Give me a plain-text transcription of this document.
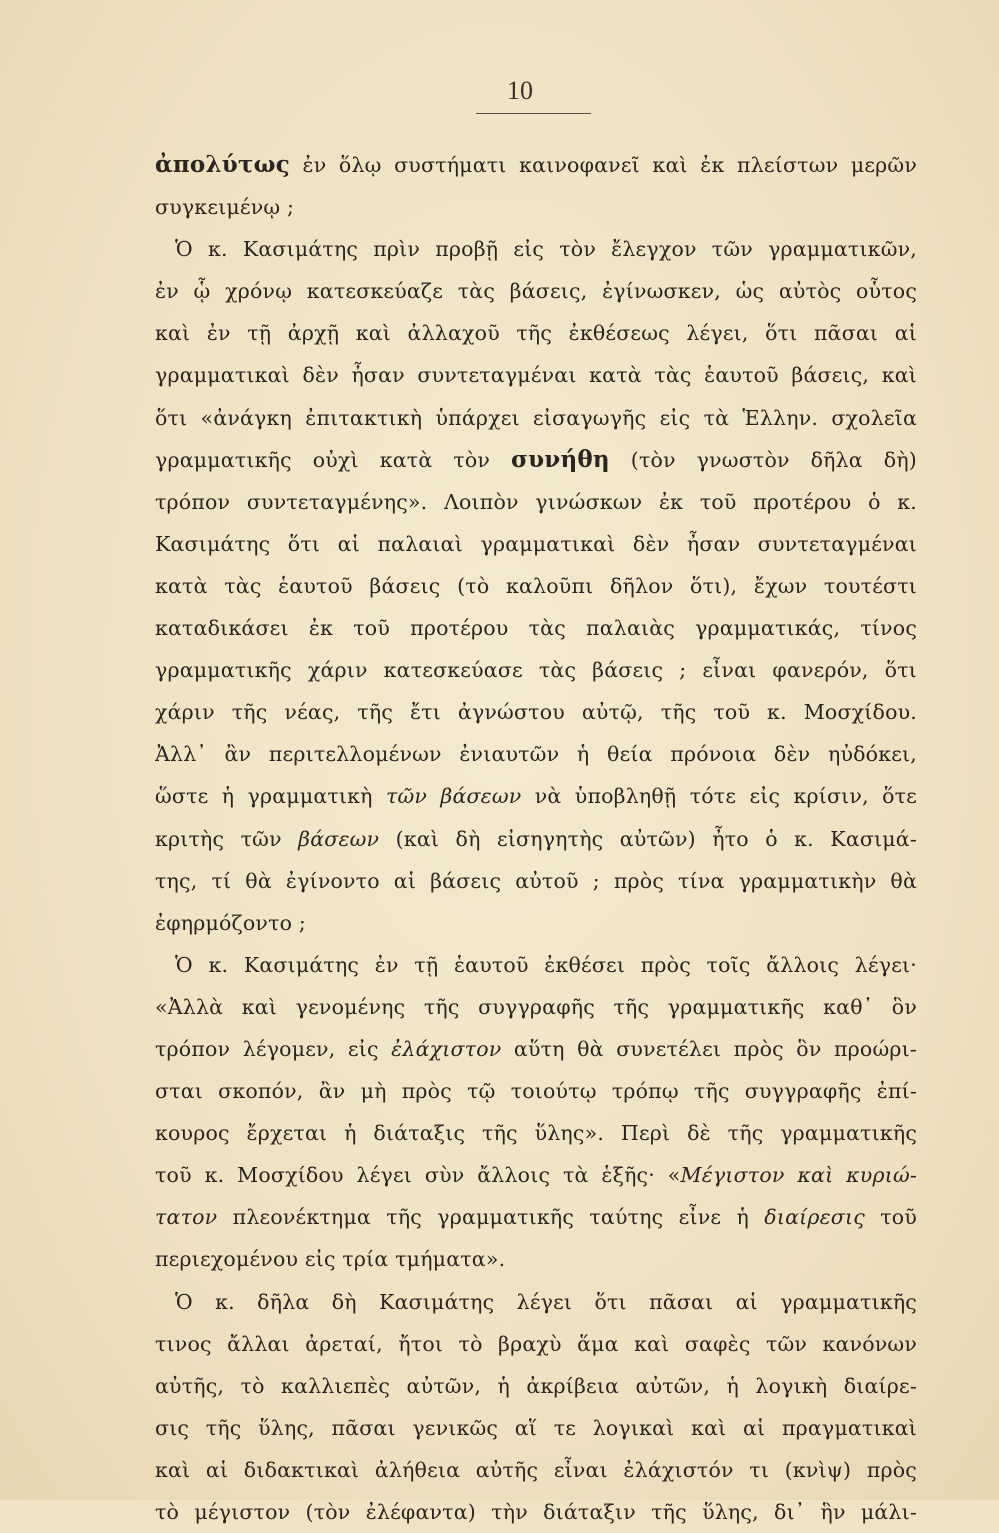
10
ἀπολύτως ἐν ὅλῳ συστήματι καινοφανεῖ καὶ ἐκ πλείστων μερῶν
συγκειμένῳ ;
Ὁ κ. Κασιμάτης πρὶν προβῇ εἰς τὸν ἔλεγχον τῶν γραμματικῶν,
ἐν ᾧ χρόνῳ κατεσκεύαζε τὰς βάσεις, ἐγίνωσκεν, ὡς αὐτὸς οὗτος
καὶ ἐν τῇ ἀρχῇ καὶ ἀλλαχοῦ τῆς ἐκθέσεως λέγει, ὅτι πᾶσαι αἱ
γραμματικαὶ δὲν ἦσαν συντεταγμέναι κατὰ τὰς ἑαυτοῦ βάσεις, καὶ
ὅτι «ἀνάγκη ἐπιτακτικὴ ὑπάρχει εἰσαγωγῆς εἰς τὰ Ἑλλην. σχολεῖα
γραμματικῆς οὐχὶ κατὰ τὸν συνήθη (τὸν γνωστὸν δῆλα δὴ)
τρόπον συντεταγμένης». Λοιπὸν γινώσκων ἐκ τοῦ προτέρου ὁ κ.
Κασιμάτης ὅτι αἱ παλαιαὶ γραμματικαὶ δὲν ἦσαν συντεταγμέναι
κατὰ τὰς ἑαυτοῦ βάσεις (τὸ καλοῦπι δῆλον ὅτι), ἔχων τουτέστι
καταδικάσει ἐκ τοῦ προτέρου τὰς παλαιὰς γραμματικάς, τίνος
γραμματικῆς χάριν κατεσκεύασε τὰς βάσεις ; εἶναι φανερόν, ὅτι
χάριν τῆς νέας, τῆς ἔτι ἀγνώστου αὐτῷ, τῆς τοῦ κ. Μοσχίδου.
Ἀλλ᾿ ἂν περιτελλομένων ἐνιαυτῶν ἡ θεία πρόνοια δὲν ηὐδόκει,
ὥστε ἡ γραμματικὴ τῶν βάσεων νὰ ὑποβληθῇ τότε εἰς κρίσιν, ὅτε
κριτὴς τῶν βάσεων (καὶ δὴ εἰσηγητὴς αὐτῶν) ἦτο ὁ κ. Κασιμά-
της, τί θὰ ἐγίνοντο αἱ βάσεις αὐτοῦ ; πρὸς τίνα γραμματικὴν θὰ
ἐφηρμόζοντο ;
Ὁ κ. Κασιμάτης ἐν τῇ ἑαυτοῦ ἐκθέσει πρὸς τοῖς ἄλλοις λέγει·
«Ἀλλὰ καὶ γενομένης τῆς συγγραφῆς τῆς γραμματικῆς καθ᾿ ὃν
τρόπον λέγομεν, εἰς ἐλάχιστον αὕτη θὰ συνετέλει πρὸς ὃν προώρι-
σται σκοπόν, ἂν μὴ πρὸς τῷ τοιούτῳ τρόπῳ τῆς συγγραφῆς ἐπί-
κουρος ἔρχεται ἡ διάταξις τῆς ὕλης». Περὶ δὲ τῆς γραμματικῆς
τοῦ κ. Μοσχίδου λέγει σὺν ἄλλοις τὰ ἑξῆς· «Μέγιστον καὶ κυριώ-
τατον πλεονέκτημα τῆς γραμματικῆς ταύτης εἶνε ἡ διαίρεσις τοῦ
περιεχομένου εἰς τρία τμήματα».
Ὁ κ. δῆλα δὴ Κασιμάτης λέγει ὅτι πᾶσαι αἱ γραμματικῆς
τινος ἄλλαι ἀρεταί, ἤτοι τὸ βραχὺ ἅμα καὶ σαφὲς τῶν κανόνων
αὐτῆς, τὸ καλλιεπὲς αὐτῶν, ἡ ἀκρίβεια αὐτῶν, ἡ λογικὴ διαίρε-
σις τῆς ὕλης, πᾶσαι γενικῶς αἵ τε λογικαὶ καὶ αἱ πραγματικαὶ
καὶ αἱ διδακτικαὶ ἀλήθεια αὐτῆς εἶναι ἐλάχιστόν τι (κνὶψ) πρὸς
τὸ μέγιστον (τὸν ἐλέφαντα) τὴν διάταξιν τῆς ὕλης, δι᾿ ἣν μάλι-
